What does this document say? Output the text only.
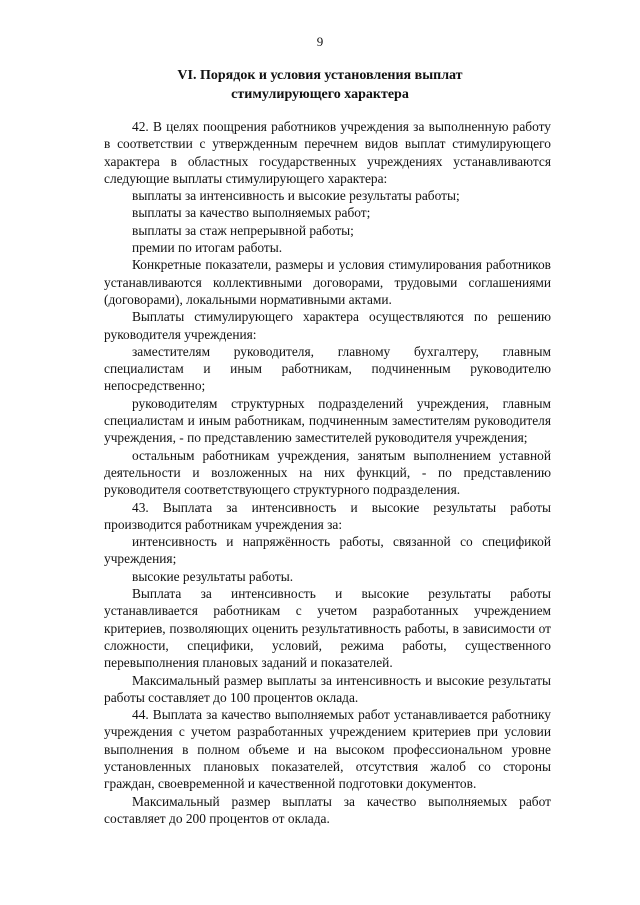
9
VI. Порядок и условия установления выплат
стимулирующего характера

42. В целях поощрения работников учреждения за выполненную работу в соответствии с утвержденным перечнем видов выплат стимулирующего характера в областных государственных учреждениях устанавливаются следующие выплаты стимулирующего характера:

выплаты за интенсивность и высокие результаты работы;

выплаты за качество выполняемых работ;

выплаты за стаж непрерывной работы;

премии по итогам работы.

Конкретные показатели, размеры и условия стимулирования работников устанавливаются коллективными договорами, трудовыми соглашениями (договорами), локальными нормативными актами.

Выплаты стимулирующего характера осуществляются по решению руководителя учреждения:

заместителям руководителя, главному бухгалтеру, главным специалистам и иным работникам, подчиненным руководителю непосредственно;

руководителям структурных подразделений учреждения, главным специалистам и иным работникам, подчиненным заместителям руководителя учреждения, - по представлению заместителей руководителя учреждения;

остальным работникам учреждения, занятым выполнением уставной деятельности и возложенных на них функций, - по представлению руководителя соответствующего структурного подразделения.

43. Выплата за интенсивность и высокие результаты работы производится работникам учреждения за:

интенсивность и напряжённость работы, связанной со спецификой учреждения;

высокие результаты работы.

Выплата за интенсивность и высокие результаты работы устанавливается работникам с учетом разработанных учреждением критериев, позволяющих оценить результативность работы, в зависимости от сложности, специфики, условий, режима работы, существенного перевыполнения плановых заданий и показателей.

Максимальный размер выплаты за интенсивность и высокие результаты работы составляет до 100 процентов оклада.

44. Выплата за качество выполняемых работ устанавливается работнику учреждения с учетом разработанных учреждением критериев при условии выполнения в полном объеме и на высоком профессиональном уровне установленных плановых показателей, отсутствия жалоб со стороны граждан, своевременной и качественной подготовки документов.

Максимальный размер выплаты за качество выполняемых работ составляет до 200 процентов от оклада.
